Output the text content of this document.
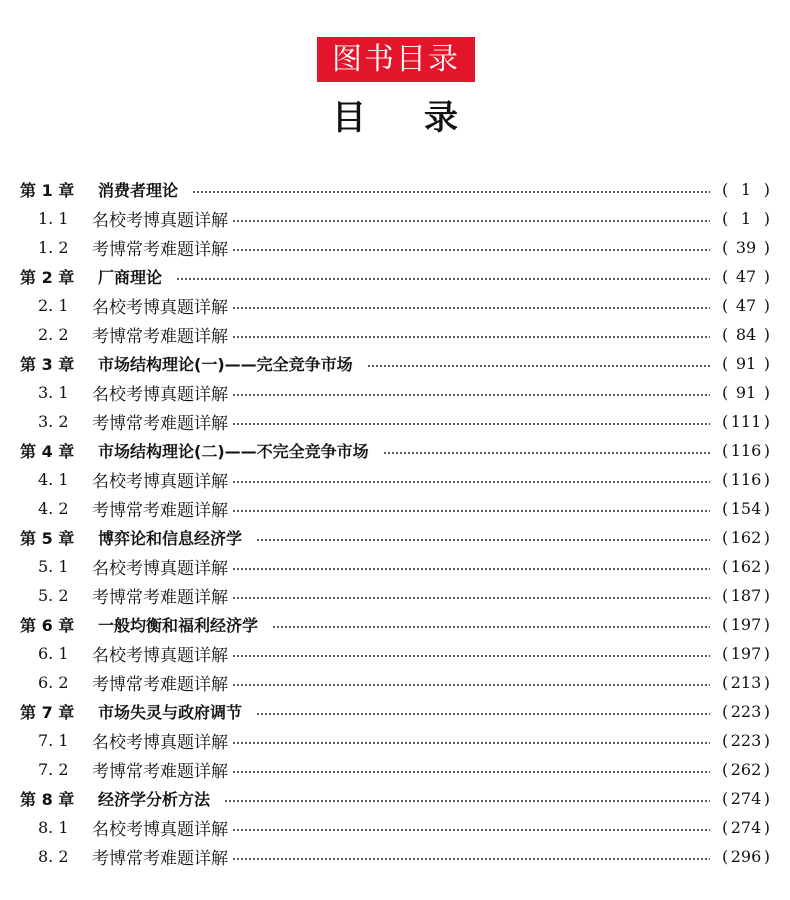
图书目录
目录
第 1 章	消费者理论	( 1 )
1. 1	名校考博真题详解	( 1 )
1. 2	考博常考难题详解	( 39 )
第 2 章	厂商理论	( 47 )
2. 1	名校考博真题详解	( 47 )
2. 2	考博常考难题详解	( 84 )
第 3 章	市场结构理论(一)——完全竞争市场	( 91 )
3. 1	名校考博真题详解	( 91 )
3. 2	考博常考难题详解	( 111 )
第 4 章	市场结构理论(二)——不完全竞争市场	( 116 )
4. 1	名校考博真题详解	( 116 )
4. 2	考博常考难题详解	( 154 )
第 5 章	博弈论和信息经济学	( 162 )
5. 1	名校考博真题详解	( 162 )
5. 2	考博常考难题详解	( 187 )
第 6 章	一般均衡和福利经济学	( 197 )
6. 1	名校考博真题详解	( 197 )
6. 2	考博常考难题详解	( 213 )
第 7 章	市场失灵与政府调节	( 223 )
7. 1	名校考博真题详解	( 223 )
7. 2	考博常考难题详解	( 262 )
第 8 章	经济学分析方法	( 274 )
8. 1	名校考博真题详解	( 274 )
8. 2	考博常考难题详解	( 296 )
